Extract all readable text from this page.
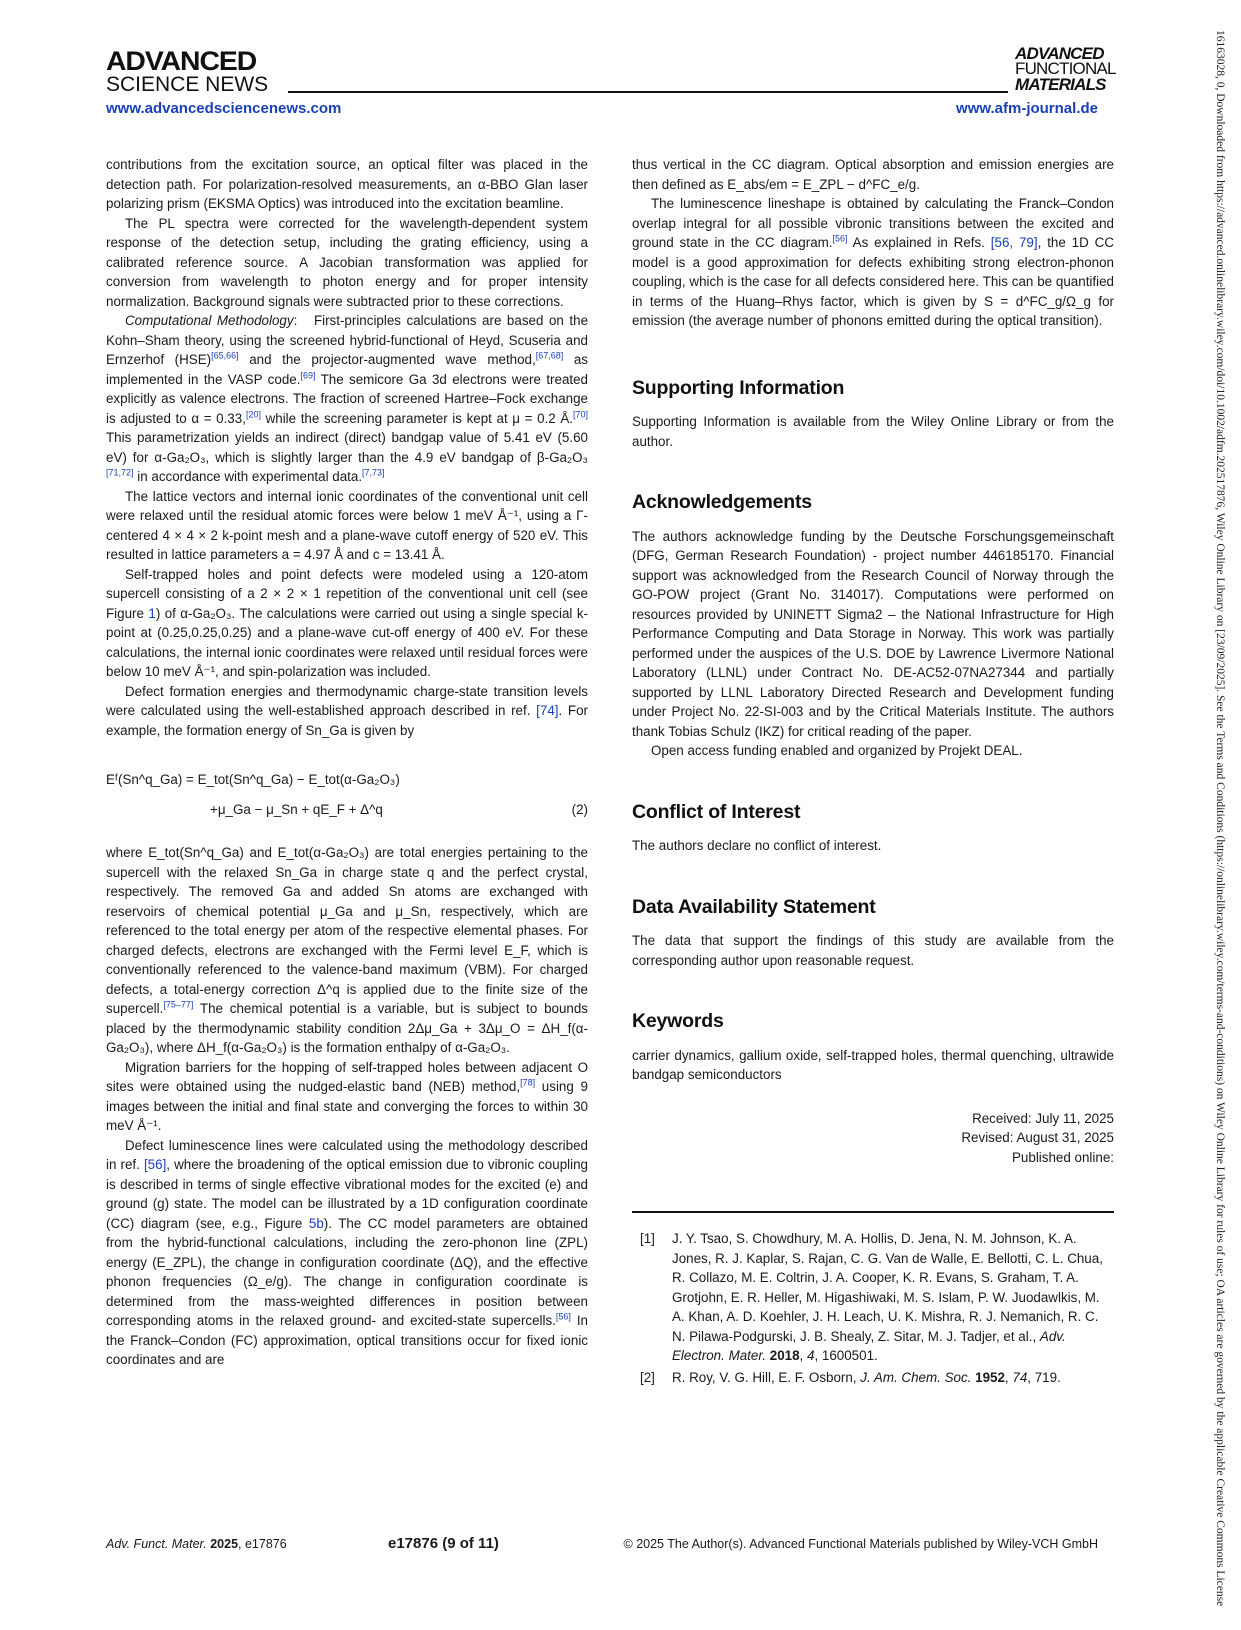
ADVANCED
SCIENCE NEWS
ADVANCED
FUNCTIONAL
MATERIALS
www.advancedsciencenews.com	www.afm-journal.de

contributions from the excitation source, an optical filter was placed in the detection path. For polarization-resolved measurements, an α-BBO Glan laser polarizing prism (EKSMA Optics) was introduced into the excitation beamline.

The PL spectra were corrected for the wavelength-dependent system response of the detection setup, including the grating efficiency, using a calibrated reference source. A Jacobian transformation was applied for conversion from wavelength to photon energy and for proper intensity normalization. Background signals were subtracted prior to these corrections.

Computational Methodology:   First-principles calculations are based on the Kohn–Sham theory, using the screened hybrid-functional of Heyd, Scuseria and Ernzerhof (HSE)[65,66] and the projector-augmented wave method,[67,68] as implemented in the VASP code.[69] The semicore Ga 3d electrons were treated explicitly as valence electrons. The fraction of screened Hartree–Fock exchange is adjusted to α = 0.33,[20] while the screening parameter is kept at μ = 0.2 Å.[70] This parametrization yields an indirect (direct) bandgap value of 5.41 eV (5.60 eV) for α-Ga₂O₃, which is slightly larger than the 4.9 eV bandgap of β-Ga₂O₃ [71,72] in accordance with experimental data.[7,73]

The lattice vectors and internal ionic coordinates of the conventional unit cell were relaxed until the residual atomic forces were below 1 meV Å⁻¹, using a Γ-centered 4 × 4 × 2 k-point mesh and a plane-wave cutoff energy of 520 eV. This resulted in lattice parameters a = 4.97 Å and c = 13.41 Å.

Self-trapped holes and point defects were modeled using a 120-atom supercell consisting of a 2 × 2 × 1 repetition of the conventional unit cell (see Figure 1) of α-Ga₂O₃. The calculations were carried out using a single special k-point at (0.25,0.25,0.25) and a plane-wave cut-off energy of 400 eV. For these calculations, the internal ionic coordinates were relaxed until residual forces were below 10 meV Å⁻¹, and spin-polarization was included.

Defect formation energies and thermodynamic charge-state transition levels were calculated using the well-established approach described in ref. [74]. For example, the formation energy of Sn_Ga is given by

Eᶠ(Sn^q_Ga) = E_tot(Sn^q_Ga) − E_tot(α-Ga₂O₃)
+μ_Ga − μ_Sn + qE_F + Δ^q	(2)

where E_tot(Sn^q_Ga) and E_tot(α-Ga₂O₃) are total energies pertaining to the supercell with the relaxed Sn_Ga in charge state q and the perfect crystal, respectively. The removed Ga and added Sn atoms are exchanged with reservoirs of chemical potential μ_Ga and μ_Sn, respectively, which are referenced to the total energy per atom of the respective elemental phases. For charged defects, electrons are exchanged with the Fermi level E_F, which is conventionally referenced to the valence-band maximum (VBM). For charged defects, a total-energy correction Δ^q is applied due to the finite size of the supercell.[75–77] The chemical potential is a variable, but is subject to bounds placed by the thermodynamic stability condition 2Δμ_Ga + 3Δμ_O = ΔH_f(α-Ga₂O₃), where ΔH_f(α-Ga₂O₃) is the formation enthalpy of α-Ga₂O₃.

Migration barriers for the hopping of self-trapped holes between adjacent O sites were obtained using the nudged-elastic band (NEB) method,[78] using 9 images between the initial and final state and converging the forces to within 30 meV Å⁻¹.

Defect luminescence lines were calculated using the methodology described in ref. [56], where the broadening of the optical emission due to vibronic coupling is described in terms of single effective vibrational modes for the excited (e) and ground (g) state. The model can be illustrated by a 1D configuration coordinate (CC) diagram (see, e.g., Figure 5b). The CC model parameters are obtained from the hybrid-functional calculations, including the zero-phonon line (ZPL) energy (E_ZPL), the change in configuration coordinate (ΔQ), and the effective phonon frequencies (Ω_e/g). The change in configuration coordinate is determined from the mass-weighted differences in position between corresponding atoms in the relaxed ground- and excited-state supercells.[56] In the Franck–Condon (FC) approximation, optical transitions occur for fixed ionic coordinates and are

thus vertical in the CC diagram. Optical absorption and emission energies are then defined as E_abs/em = E_ZPL − d^FC_e/g.

The luminescence lineshape is obtained by calculating the Franck–Condon overlap integral for all possible vibronic transitions between the excited and ground state in the CC diagram.[56] As explained in Refs. [56, 79], the 1D CC model is a good approximation for defects exhibiting strong electron-phonon coupling, which is the case for all defects considered here. This can be quantified in terms of the Huang–Rhys factor, which is given by S = d^FC_g/Ω_g for emission (the average number of phonons emitted during the optical transition).

Supporting Information

Supporting Information is available from the Wiley Online Library or from the author.

Acknowledgements

The authors acknowledge funding by the Deutsche Forschungsgemeinschaft (DFG, German Research Foundation) - project number 446185170. Financial support was acknowledged from the Research Council of Norway through the GO-POW project (Grant No. 314017). Computations were performed on resources provided by UNINETT Sigma2 – the National Infrastructure for High Performance Computing and Data Storage in Norway. This work was partially performed under the auspices of the U.S. DOE by Lawrence Livermore National Laboratory (LLNL) under Contract No. DE-AC52-07NA27344 and partially supported by LLNL Laboratory Directed Research and Development funding under Project No. 22-SI-003 and by the Critical Materials Institute. The authors thank Tobias Schulz (IKZ) for critical reading of the paper.

Open access funding enabled and organized by Projekt DEAL.

Conflict of Interest

The authors declare no conflict of interest.

Data Availability Statement

The data that support the findings of this study are available from the corresponding author upon reasonable request.

Keywords

carrier dynamics, gallium oxide, self-trapped holes, thermal quenching, ultrawide bandgap semiconductors

Received: July 11, 2025
Revised: August 31, 2025
Published online:
[1]	J. Y. Tsao, S. Chowdhury, M. A. Hollis, D. Jena, N. M. Johnson, K. A. Jones, R. J. Kaplar, S. Rajan, C. G. Van de Walle, E. Bellotti, C. L. Chua, R. Collazo, M. E. Coltrin, J. A. Cooper, K. R. Evans, S. Graham, T. A. Grotjohn, E. R. Heller, M. Higashiwaki, M. S. Islam, P. W. Juodawlkis, M. A. Khan, A. D. Koehler, J. H. Leach, U. K. Mishra, R. J. Nemanich, R. C. N. Pilawa-Podgurski, J. B. Shealy, Z. Sitar, M. J. Tadjer, et al., Adv. Electron. Mater. 2018, 4, 1600501.
[2]	R. Roy, V. G. Hill, E. F. Osborn, J. Am. Chem. Soc. 1952, 74, 719.
Adv. Funct. Mater. 2025, e17876	e17876 (9 of 11)	© 2025 The Author(s). Advanced Functional Materials published by Wiley-VCH GmbH	16163028, 0, Downloaded from https://advanced.onlinelibrary.wiley.com/doi/10.1002/adfm.202517876, Wiley Online Library on [23/09/2025]. See the Terms and Conditions (https://onlinelibrary.wiley.com/terms-and-conditions) on Wiley Online Library for rules of use; OA articles are governed by the applicable Creative Commons License
